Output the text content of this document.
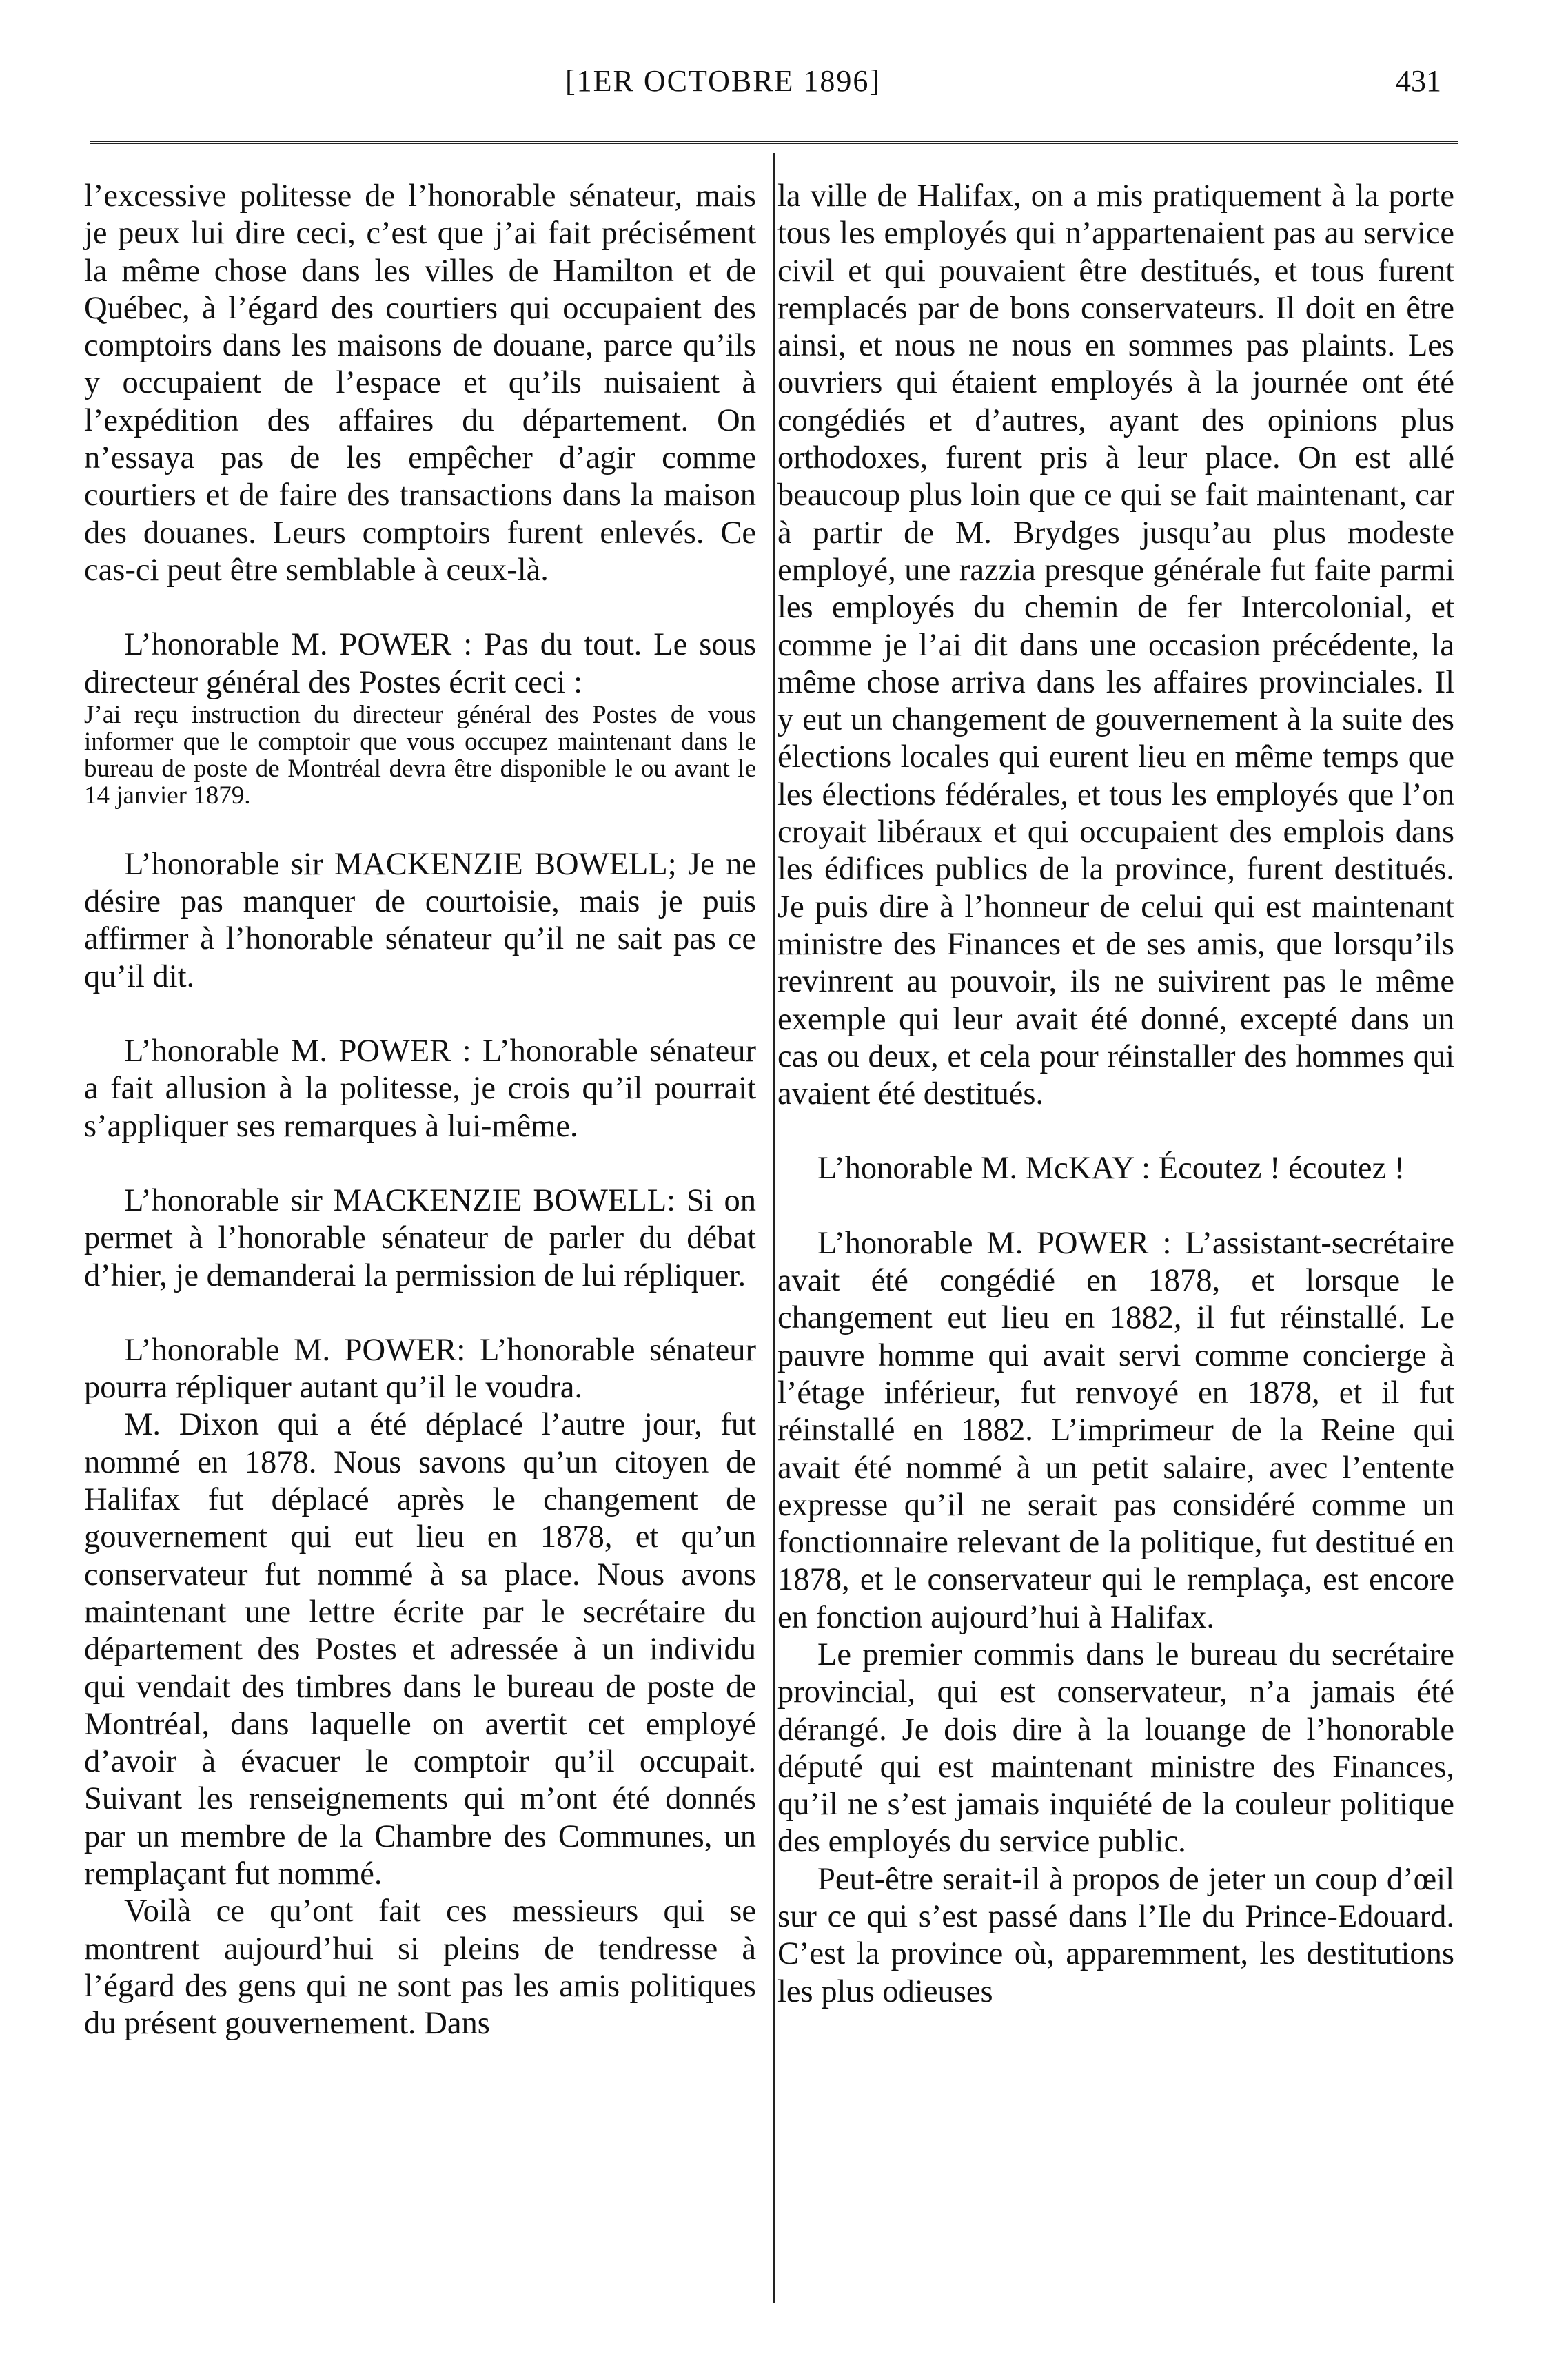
[1ER OCTOBRE 1896]	431

l’excessive politesse de l’honorable sénateur, mais je peux lui dire ceci, c’est que j’ai fait précisément la même chose dans les villes de Hamilton et de Québec, à l’égard des courtiers qui occupaient des comptoirs dans les maisons de douane, parce qu’ils y occupaient de l’espace et qu’ils nuisaient à l’expédition des affaires du département. On n’essaya pas de les empêcher d’agir comme courtiers et de faire des transactions dans la maison des douanes. Leurs comptoirs furent enlevés. Ce cas-ci peut être semblable à ceux-là.

L’honorable M. POWER : Pas du tout. Le sous directeur général des Postes écrit ceci :

J’ai reçu instruction du directeur général des Postes de vous informer que le comptoir que vous occupez maintenant dans le bureau de poste de Montréal devra être disponible le ou avant le 14 janvier 1879.

L’honorable sir MACKENZIE BOWELL; Je ne désire pas manquer de courtoisie, mais je puis affirmer à l’honorable sénateur qu’il ne sait pas ce qu’il dit.

L’honorable M. POWER : L’honorable sénateur a fait allusion à la politesse, je crois qu’il pourrait s’appliquer ses remarques à lui-même.

L’honorable sir MACKENZIE BOWELL: Si on permet à l’honorable sénateur de parler du débat d’hier, je demanderai la permission de lui répliquer.

L’honorable M. POWER: L’honorable sénateur pourra répliquer autant qu’il le voudra.

M. Dixon qui a été déplacé l’autre jour, fut nommé en 1878. Nous savons qu’un citoyen de Halifax fut déplacé après le changement de gouvernement qui eut lieu en 1878, et qu’un conservateur fut nommé à sa place. Nous avons maintenant une lettre écrite par le secrétaire du département des Postes et adressée à un individu qui vendait des timbres dans le bureau de poste de Montréal, dans laquelle on avertit cet employé d’avoir à évacuer le comptoir qu’il occupait. Suivant les renseignements qui m’ont été donnés par un membre de la Chambre des Communes, un remplaçant fut nommé.

Voilà ce qu’ont fait ces messieurs qui se montrent aujourd’hui si pleins de tendresse à l’égard des gens qui ne sont pas les amis politiques du présent gouvernement. Dans

la ville de Halifax, on a mis pratiquement à la porte tous les employés qui n’appartenaient pas au service civil et qui pouvaient être destitués, et tous furent remplacés par de bons conservateurs. Il doit en être ainsi, et nous ne nous en sommes pas plaints. Les ouvriers qui étaient employés à la journée ont été congédiés et d’autres, ayant des opinions plus orthodoxes, furent pris à leur place. On est allé beaucoup plus loin que ce qui se fait maintenant, car à partir de M. Brydges jusqu’au plus modeste employé, une razzia presque générale fut faite parmi les employés du chemin de fer Intercolonial, et comme je l’ai dit dans une occasion précédente, la même chose arriva dans les affaires provinciales. Il y eut un changement de gouvernement à la suite des élections locales qui eurent lieu en même temps que les élections fédérales, et tous les employés que l’on croyait libéraux et qui occupaient des emplois dans les édifices publics de la province, furent destitués. Je puis dire à l’honneur de celui qui est maintenant ministre des Finances et de ses amis, que lorsqu’ils revinrent au pouvoir, ils ne suivirent pas le même exemple qui leur avait été donné, excepté dans un cas ou deux, et cela pour réinstaller des hommes qui avaient été destitués.

L’honorable M. McKAY : Écoutez ! écoutez !

L’honorable M. POWER : L’assistant-secrétaire avait été congédié en 1878, et lorsque le changement eut lieu en 1882, il fut réinstallé. Le pauvre homme qui avait servi comme concierge à l’étage inférieur, fut renvoyé en 1878, et il fut réinstallé en 1882. L’imprimeur de la Reine qui avait été nommé à un petit salaire, avec l’entente expresse qu’il ne serait pas considéré comme un fonctionnaire relevant de la politique, fut destitué en 1878, et le conservateur qui le remplaça, est encore en fonction aujourd’hui à Halifax.

Le premier commis dans le bureau du secrétaire provincial, qui est conservateur, n’a jamais été dérangé. Je dois dire à la louange de l’honorable député qui est maintenant ministre des Finances, qu’il ne s’est jamais inquiété de la couleur politique des employés du service public.

Peut-être serait-il à propos de jeter un coup d’œil sur ce qui s’est passé dans l’Ile du Prince-Edouard. C’est la province où, apparemment, les destitutions les plus odieuses
